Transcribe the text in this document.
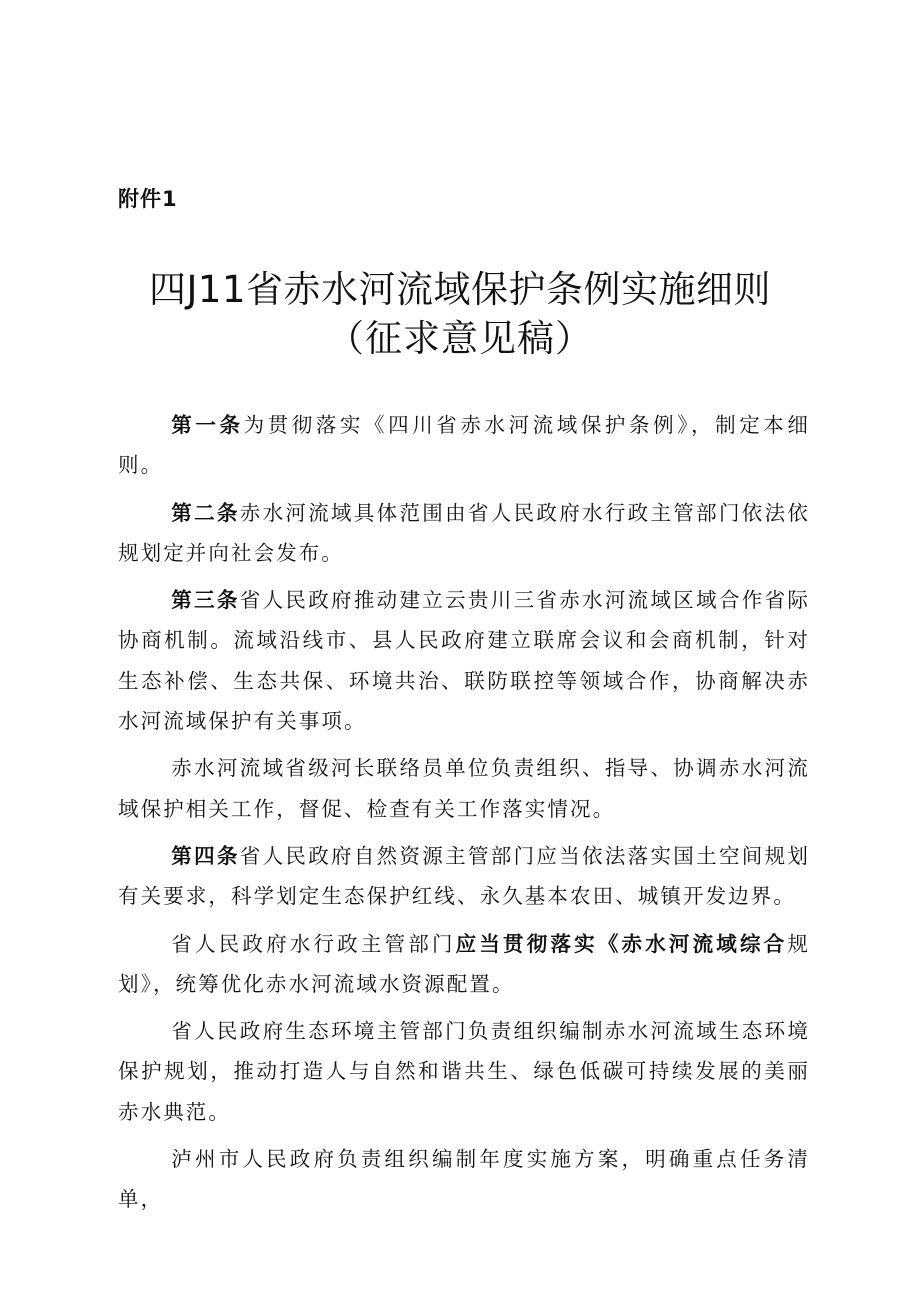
附件1
四J11省赤水河流域保护条例实施细则
（征求意见稿）

第一条为贯彻落实《四川省赤水河流域保护条例》，制定本细则。

第二条赤水河流域具体范围由省人民政府水行政主管部门依法依规划定并向社会发布。

第三条省人民政府推动建立云贵川三省赤水河流域区域合作省际协商机制。流域沿线市、县人民政府建立联席会议和会商机制，针对生态补偿、生态共保、环境共治、联防联控等领域合作，协商解决赤水河流域保护有关事项。

赤水河流域省级河长联络员单位负责组织、指导、协调赤水河流域保护相关工作，督促、检查有关工作落实情况。

第四条省人民政府自然资源主管部门应当依法落实国土空间规划有关要求，科学划定生态保护红线、永久基本农田、城镇开发边界。

省人民政府水行政主管部门应当贯彻落实《赤水河流域综合规划》，统筹优化赤水河流域水资源配置。

省人民政府生态环境主管部门负责组织编制赤水河流域生态环境保护规划，推动打造人与自然和谐共生、绿色低碳可持续发展的美丽赤水典范。

泸州市人民政府负责组织编制年度实施方案，明确重点任务清单，
